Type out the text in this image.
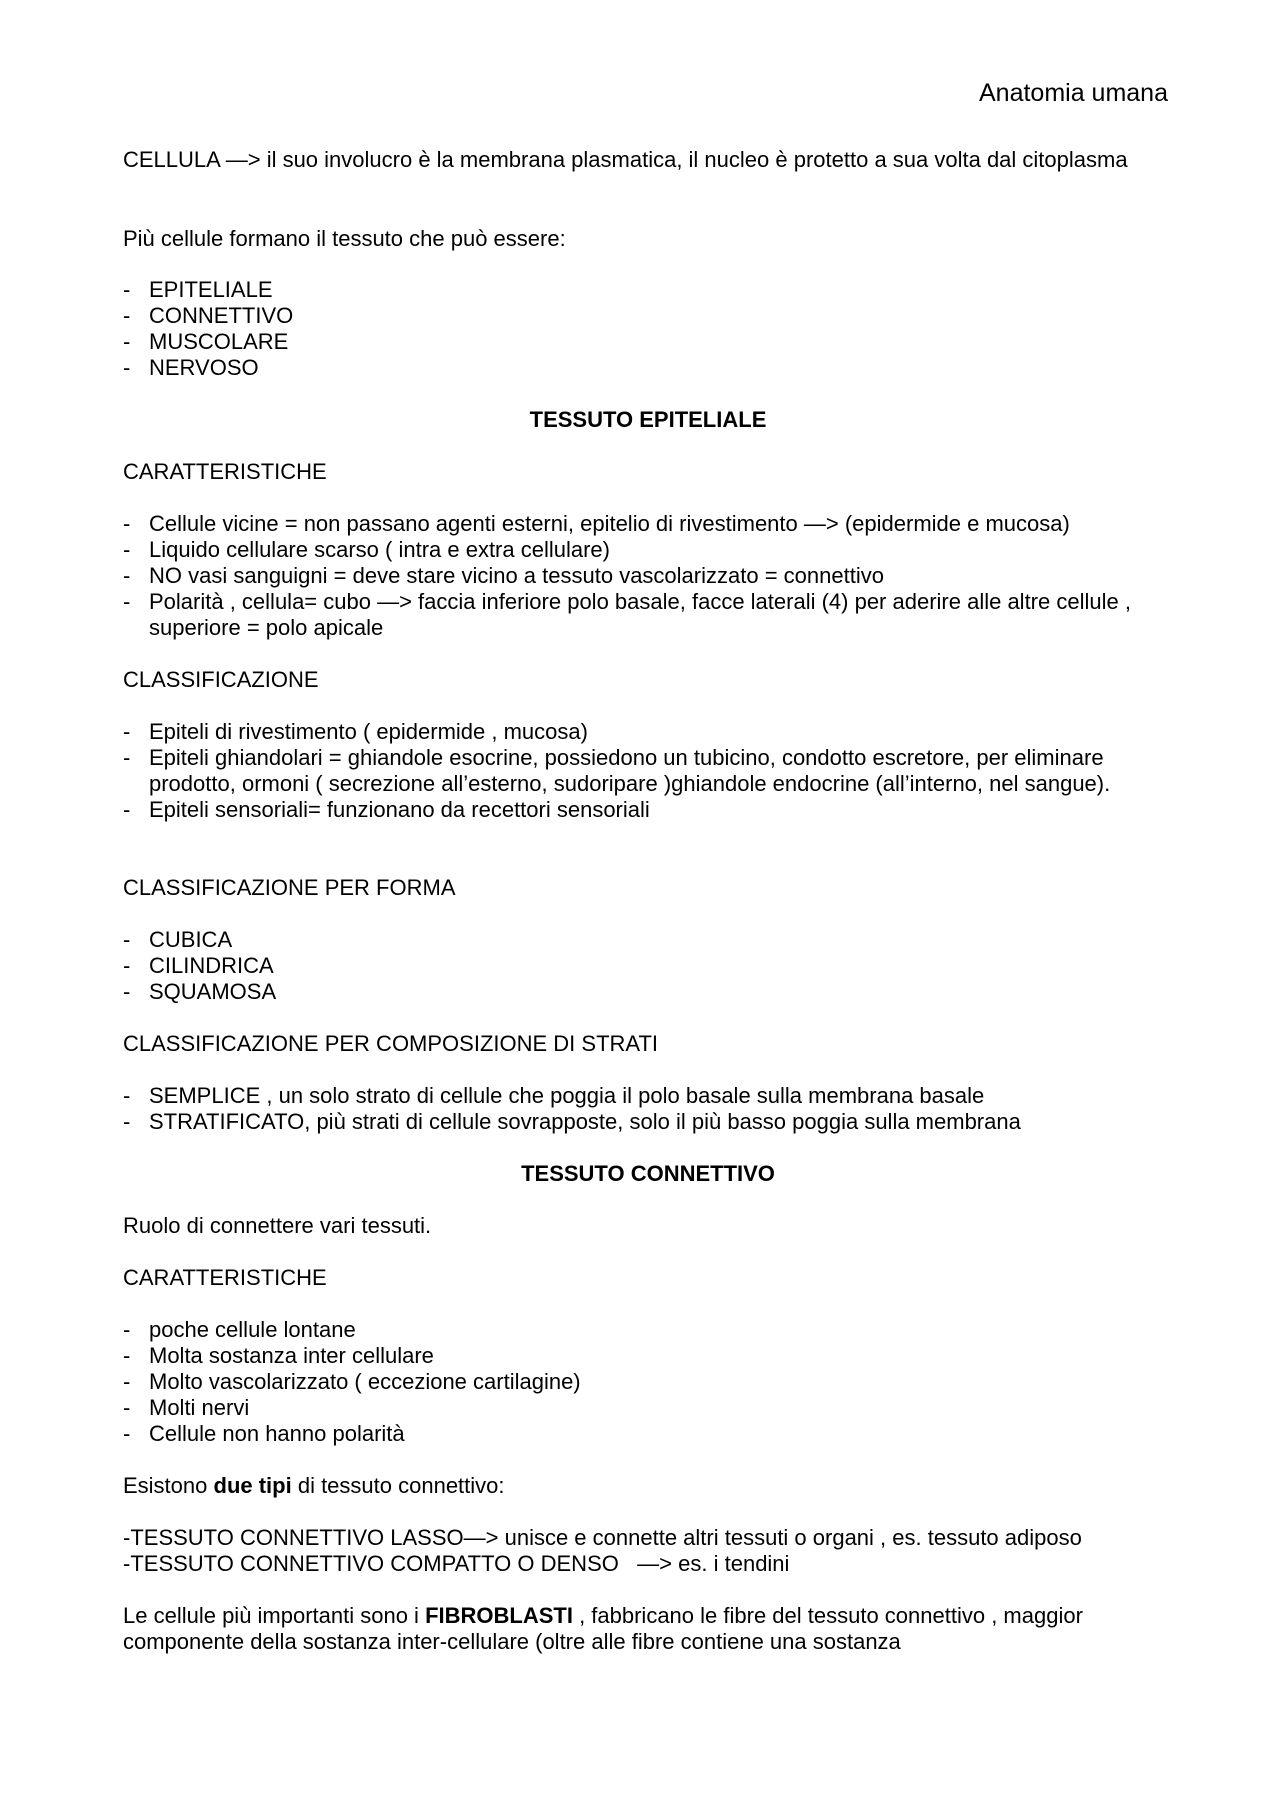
Anatomia umana

CELLULA —> il suo involucro è la membrana plasmatica, il nucleo è protetto a sua volta dal citoplasma

Più cellule formano il tessuto che può essere:

- EPITELIALE
- CONNETTIVO
- MUSCOLARE
- NERVOSO

TESSUTO EPITELIALE

CARATTERISTICHE

- Cellule vicine = non passano agenti esterni, epitelio di rivestimento —> (epidermide e mucosa)
- Liquido cellulare scarso ( intra e extra cellulare)
- NO vasi sanguigni = deve stare vicino a tessuto vascolarizzato = connettivo
- Polarità , cellula= cubo —> faccia inferiore polo basale, facce laterali (4) per aderire alle altre cellule , superiore = polo apicale

CLASSIFICAZIONE

- Epiteli di rivestimento ( epidermide , mucosa)
- Epiteli ghiandolari = ghiandole esocrine, possiedono un tubicino, condotto escretore, per eliminare prodotto, ormoni ( secrezione all’esterno, sudoripare )ghiandole endocrine (all’interno, nel sangue).
- Epiteli sensoriali= funzionano da recettori sensoriali

CLASSIFICAZIONE PER FORMA

- CUBICA
- CILINDRICA
- SQUAMOSA

CLASSIFICAZIONE PER COMPOSIZIONE DI STRATI

- SEMPLICE , un solo strato di cellule che poggia il polo basale sulla membrana basale
- STRATIFICATO, più strati di cellule sovrapposte, solo il più basso poggia sulla membrana

TESSUTO CONNETTIVO

Ruolo di connettere vari tessuti.

CARATTERISTICHE

- poche cellule lontane
- Molta sostanza inter cellulare
- Molto vascolarizzato ( eccezione cartilagine)
- Molti nervi
- Cellule non hanno polarità

Esistono due tipi di tessuto connettivo:

-TESSUTO CONNETTIVO LASSO—> unisce e connette altri tessuti o organi , es. tessuto adiposo

-TESSUTO CONNETTIVO COMPATTO O DENSO   —> es. i tendini

Le cellule più importanti sono i FIBROBLASTI , fabbricano le fibre del tessuto connettivo , maggior componente della sostanza inter-cellulare (oltre alle fibre contiene una sostanza
